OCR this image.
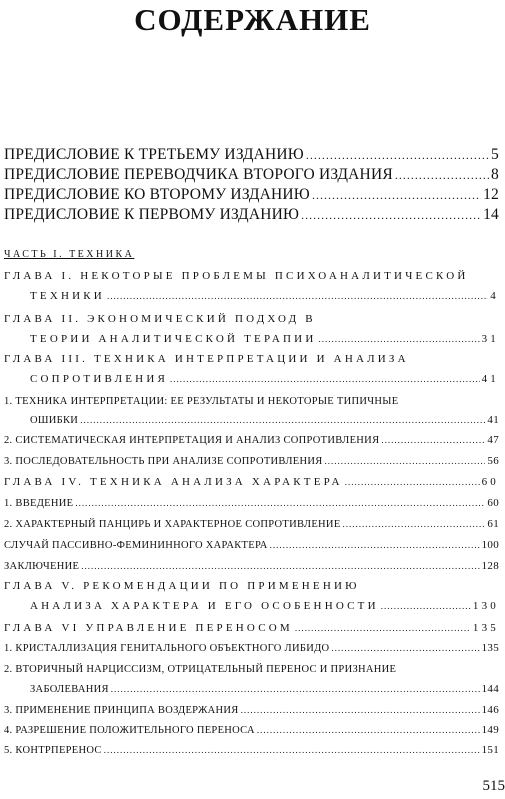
СОДЕРЖАНИЕ
ПРЕДИСЛОВИЕ К ТРЕТЬЕМУ ИЗДАНИЮ .....	5
ПРЕДИСЛОВИЕ ПЕРЕВОДЧИКА ВТОРОГО ИЗДАНИЯ .....	8
ПРЕДИСЛОВИЕ КО ВТОРОМУ ИЗДАНИЮ .....	12
ПРЕДИСЛОВИЕ К ПЕРВОМУ ИЗДАНИЮ .....	14
ЧАСТЬ I. ТЕХНИКА
ГЛАВА I. НЕКОТОРЫЕ ПРОБЛЕМЫ ПСИХОАНАЛИТИЧЕСКОЙ
ТЕХНИКИ .....	4
ГЛАВА II. ЭКОНОМИЧЕСКИЙ ПОДХОД В
ТЕОРИИ АНАЛИТИЧЕСКОЙ ТЕРАПИИ .....	31
ГЛАВА III. ТЕХНИКА ИНТЕРПРЕТАЦИИ И АНАЛИЗА
СОПРОТИВЛЕНИЯ .....	41
1. ТЕХНИКА ИНТЕРПРЕТАЦИИ: ЕЕ РЕЗУЛЬТАТЫ И НЕКОТОРЫЕ ТИПИЧНЫЕ
ОШИБКИ .....	41
2. СИСТЕМАТИЧЕСКАЯ ИНТЕРПРЕТАЦИЯ И АНАЛИЗ СОПРОТИВЛЕНИЯ .....	47
3. ПОСЛЕДОВАТЕЛЬНОСТЬ ПРИ АНАЛИЗЕ СОПРОТИВЛЕНИЯ .....	56
ГЛАВА IV. ТЕХНИКА АНАЛИЗА ХАРАКТЕРА .....	60
1. ВВЕДЕНИЕ .....	60
2. ХАРАКТЕРНЫЙ ПАНЦИРЬ И ХАРАКТЕРНОЕ СОПРОТИВЛЕНИЕ .....	61
СЛУЧАЙ ПАССИВНО-ФЕМИНИННОГО ХАРАКТЕРА .....	100
ЗАКЛЮЧЕНИЕ .....	128
ГЛАВА V. РЕКОМЕНДАЦИИ ПО ПРИМЕНЕНИЮ
АНАЛИЗА ХАРАКТЕРА И ЕГО ОСОБЕННОСТИ .....	130
ГЛАВА VI УПРАВЛЕНИЕ ПЕРЕНОСОМ .....	135
1. КРИСТАЛЛИЗАЦИЯ ГЕНИТАЛЬНОГО ОБЪЕКТНОГО ЛИБИДО .....	135
2. ВТОРИЧНЫЙ НАРЦИССИЗМ, ОТРИЦАТЕЛЬНЫЙ ПЕРЕНОС И ПРИЗНАНИЕ
ЗАБОЛЕВАНИЯ .....	144
3. ПРИМЕНЕНИЕ ПРИНЦИПА ВОЗДЕРЖАНИЯ .....	146
4. РАЗРЕШЕНИЕ ПОЛОЖИТЕЛЬНОГО ПЕРЕНОСА .....	149
5. КОНТРПЕРЕНОС .....	151
515
